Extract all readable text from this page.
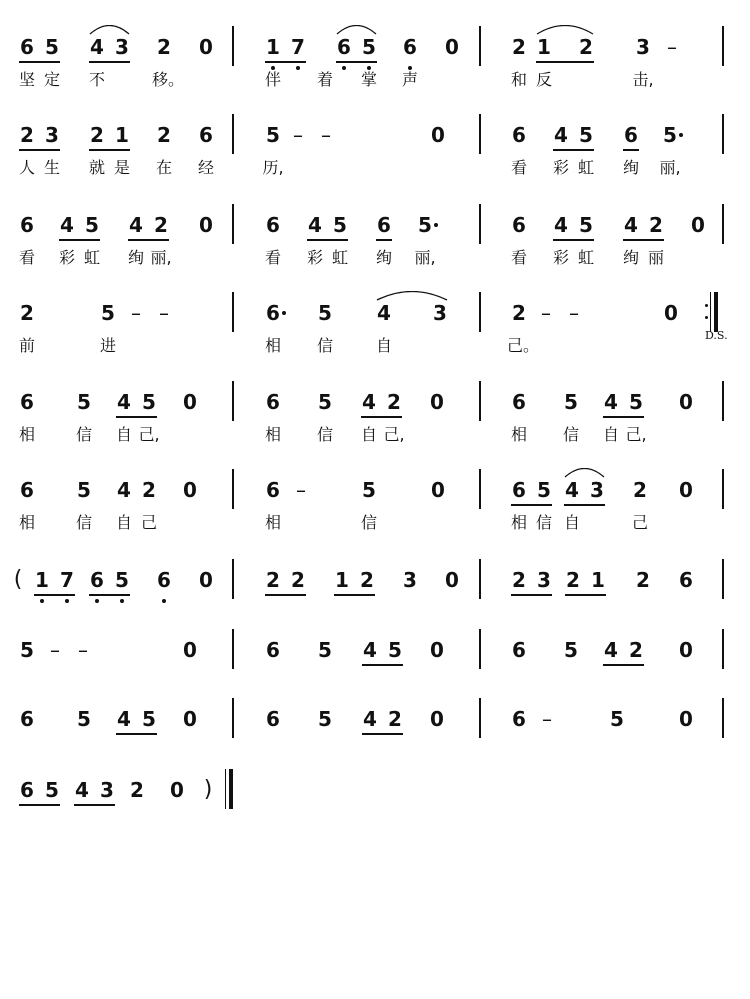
6 5 4 3 2 0	1 7 6 5 6 0	2 1 2 3 –
坚 定 不	移。	伴 着 掌 声	和 反	击,
2 3 2 1 2 6	5 – –	0	6 4 5 6 5
人 生 就 是 在 经	历,	看 彩 虹 绚 丽,
6 4 5 4 2 0	6 4 5 6 5	6 4 5 4 2 0
看 彩 虹 绚 丽,	看 彩 虹 绚 丽,	看 彩 虹 绚 丽
2	5 – –	6 5 4 3	2 – –	0
D.S.
前	进	相 信	自	己。
6 5 4 5 0	6 5 4 2 0	6 5 4 5 0
相	信 自 己,	相 信 自 己,	相 信 自 己,
6 5 4 2 0	6 –	5	0	6 5 4 3 2 0
相	信 自 己	相	信	相 信 自	己
( 1 7 6 5 6 0	2 2 1 2 3 0	2 3 2 1 2 6
5 – –	0	6 5 4 5 0	6 5 4 2 0
6 5 4 5 0	6 5 4 2 0	6 –	5	0
6 5 4 3 2 0 )
